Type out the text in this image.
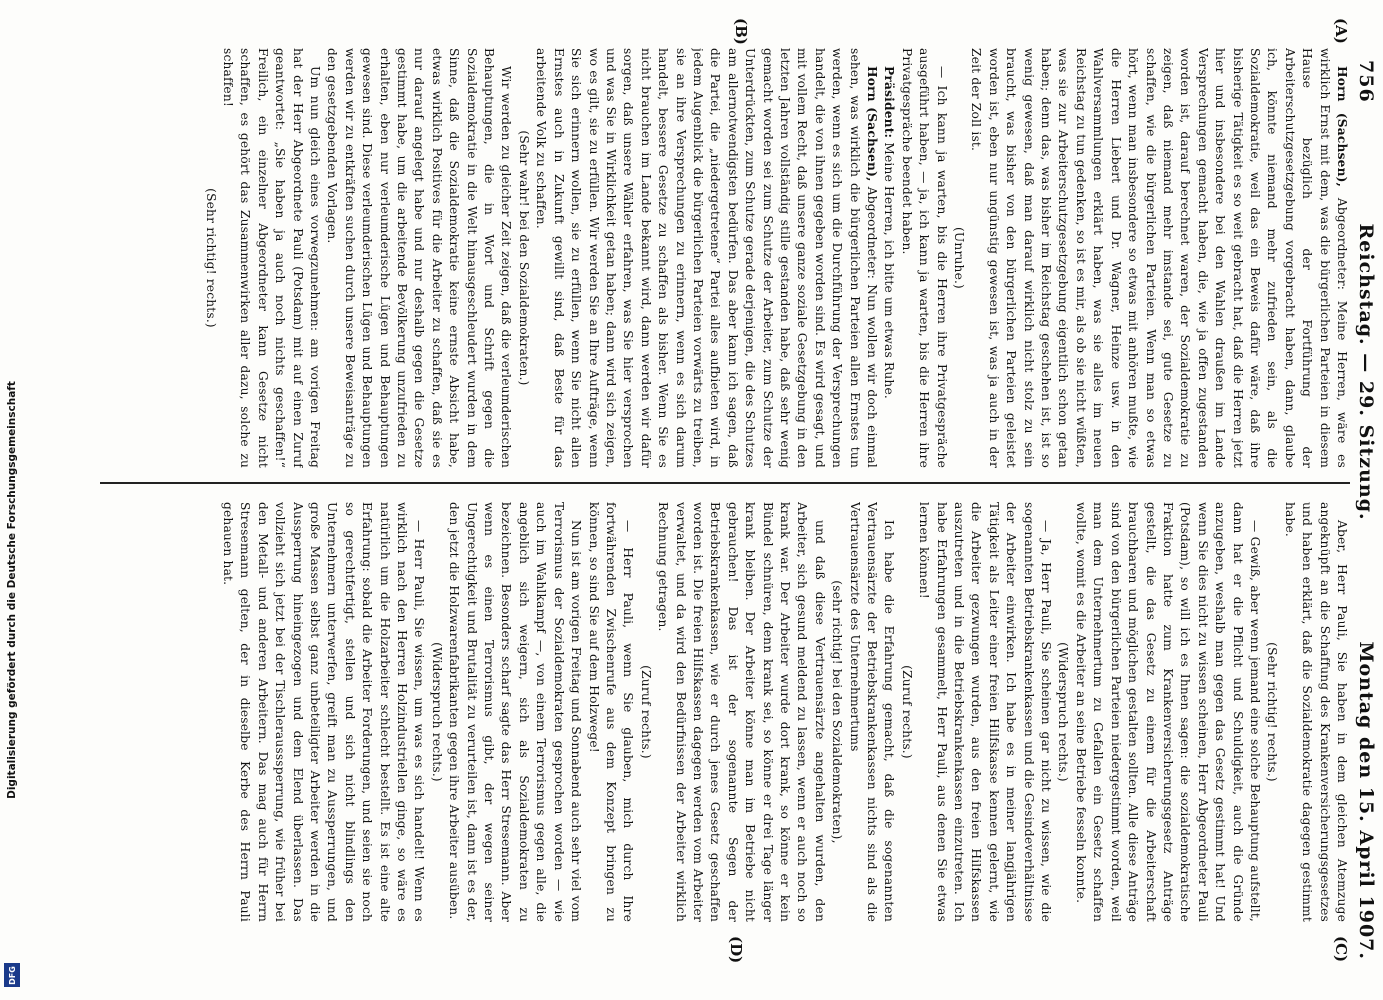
Digitalisierung gefördert durch die Deutsche Forschungsgemeinschaft
DFG
756
Reichstag. — 29. Sitzung.
Montag den 15. April 1907.

Horn (Sachsen), Abgeordneter: Meine Herren, wäre es wirklich Ernst mit dem, was die bürgerlichen Parteien in diesem Hause bezüglich der Fortführung der Arbeiterschutzgesetzgebung vorgebracht haben, dann, glaube ich, könnte niemand mehr zufrieden sein, als die Sozialdemokratie, weil das ein Beweis dafür wäre, daß ihre bisherige Tätigkeit es so weit gebracht hat, daß die Herren jetzt hier und insbesondere bei den Wahlen draußen im Lande Versprechungen gemacht haben, die, wie ja offen zugestanden worden ist, darauf berechnet waren, der Sozialdemokratie zu zeigen, daß niemand mehr imstande sei, gute Gesetze zu schaffen, wie die bürgerlichen Parteien. Wenn man so etwas hört, wenn man insbesondere so etwas mit anhören mußte, wie die Herren Liebert und Dr. Wagner, Heinze usw. in den Wahlversammlungen erklärt haben, was sie alles im neuen Reichstag zu tun gedenken, so ist es mir, als ob sie nicht wüßten, was sie zur Arbeiterschutzgesetzgebung eigentlich schon getan haben; denn das, was bisher im Reichstag geschehen ist, ist so wenig gewesen, daß man darauf wirklich nicht stolz zu sein braucht, was bisher von den bürgerlichen Parteien geleistet worden ist, eben nur ungünstig gewesen ist, was ja auch in der Zeit der Zoll ist.

(Unruhe.)

— Ich kann ja warten, bis die Herren ihre Privatgespräche ausgeführt haben, — ja, ich kann ja warten, bis die Herren ihre Privatgespräche beendet haben.

Präsident: Meine Herren, ich bitte um etwas Ruhe.

Horn (Sachsen), Abgeordneter: Nun wollen wir doch einmal sehen, was wirklich die bürgerlichen Parteien allen Ernstes tun werden, wenn es sich um die Durchführung der Versprechungen handelt, die von ihnen gegeben worden sind. Es wird gesagt, und mit vollem Recht, daß unsere ganze soziale Gesetzgebung in den letzten Jahren vollständig stille gestanden habe, daß sehr wenig gemacht worden sei zum Schutze der Arbeiter, zum Schutze der Unterdrückten, zum Schutze gerade derjenigen, die des Schutzes am allernotwendigsten bedürfen. Das aber kann ich sagen, daß die Partei, die „niedergetretene“ Partei alles aufbieten wird, in jedem Augenblick die bürgerlichen Parteien vorwärts zu treiben, sie an ihre Versprechungen zu erinnern, wenn es sich darum handelt, bessere Gesetze zu schaffen als bisher. Wenn Sie es nicht brauchen im Lande bekannt wird, dann werden wir dafür sorgen, daß unsere Wähler erfahren, was Sie hier versprochen und was Sie in Wirklichkeit getan haben; dann wird sich zeigen, wo es gilt, sie zu erfüllen. Wir werden Sie an Ihre Aufträge, wenn Sie sich erinnern wollen, sie zu erfüllen, wenn Sie nicht allen Ernstes auch in Zukunft gewillt sind, daß Beste für das arbeitende Volk zu schaffen.

(Sehr wahr! bei den Sozialdemokraten.)

Wir werden zu gleicher Zeit zeigen, daß die verleumderischen Behauptungen, die in Wort und Schrift gegen die Sozialdemokratie in die Welt hinausgeschleudert wurden in dem Sinne, daß die Sozialdemokratie keine ernste Absicht habe, etwas wirklich Positives für die Arbeiter zu schaffen, daß sie es nur darauf angelegt habe und nur deshalb gegen die Gesetze gestimmt habe, um die arbeitende Bevölkerung unzufrieden zu erhalten, eben nur verleumderische Lügen und Behauptungen gewesen sind. Diese verleumderischen Lügen und Behauptungen werden wir zu entkräften suchen durch unsere Beweisanträge zu den gesetzgebenden Vorlagen.

Um nun gleich eines vorwegzunehmen: am vorigen Freitag hat der Herr Abgeordnete Pauli (Potsdam) mit auf einen Zuruf geantwortet: „Sie haben ja auch noch nichts geschaffen!“ Freilich, ein einzelner Abgeordneter kann Gesetze nicht schaffen, es gehört das Zusammenwirken aller dazu, solche zu schaffen!

(Sehr richtig! rechts.)

Aber, Herr Pauli, Sie haben in dem gleichen Atemzuge angeknüpft an die Schaffung des Krankenversicherungsgesetzes und haben erklärt, daß die Sozialdemokratie dagegen gestimmt habe.

(Sehr richtig! rechts.)

— Gewiß, aber wenn jemand eine solche Behauptung aufstellt, dann hat er die Pflicht und Schuldigkeit, auch die Gründe anzugeben, weshalb man gegen das Gesetz gestimmt hat! Und wenn Sie dies nicht zu wissen scheinen, Herr Abgeordneter Pauli (Potsdam), so will ich es Ihnen sagen: die sozialdemokratische Fraktion hatte zum Krankenversicherungsgesetz Anträge gestellt, die das Gesetz zu einem für die Arbeiterschaft brauchbaren und möglichen gestalten sollten. Alle diese Anträge sind von den bürgerlichen Parteien niedergestimmt worden, weil man dem Unternehmertum zu Gefallen ein Gesetz schaffen wollte, womit es die Arbeiter an seine Betriebe fesseln konnte.

(Widerspruch rechts.)

— Ja, Herr Pauli, Sie scheinen gar nicht zu wissen, wie die sogenannten Betriebskrankenkassen und die Gesindeverhältnisse der Arbeiter einwirken. Ich habe es in meiner langjährigen Tätigkeit als Leiter einer freien Hilfskasse kennen gelernt, wie die Arbeiter gezwungen wurden, aus den freien Hilfskassen auszutreten und in die Betriebskrankenkassen einzutreten. Ich habe Erfahrungen gesammelt, Herr Pauli, aus denen Sie etwas lernen können!

(Zuruf rechts.)

Ich habe die Erfahrung gemacht, daß die sogenannten Vertrauensärzte der Betriebskrankenkassen nichts sind als die Vertrauensärzte des Unternehmertums

(sehr richtig! bei den Sozialdemokraten),

und daß diese Vertrauensärzte angehalten wurden, den Arbeiter, sich gesund meldend zu lassen, wenn er auch noch so krank war. Der Arbeiter wurde dort krank, so könne er kein Bündel schnüren, denn krank sei, so könne er drei Tage länger krank bleiben. Der Arbeiter könne man im Betriebe nicht gebrauchen! Das ist der sogenannte Segen der Betriebskrankenkassen, wie er durch jenes Gesetz geschaffen worden ist. Die freien Hilfskassen dagegen werden vom Arbeiter verwaltet, und da wird den Bedürfnissen der Arbeiter wirklich Rechnung getragen.

(Zuruf rechts.)

— Herr Pauli, wenn Sie glauben, mich durch Ihre fortwährenden Zwischenrufe aus dem Konzept bringen zu können, so sind Sie auf dem Holzwege!

Nun ist am vorigen Freitag und Sonnabend auch sehr viel vom Terrorismus der Sozialdemokraten gesprochen worden — wie auch im Wahlkampf —, von einem Terrorismus gegen alle, die angeblich sich weigern, sich als Sozialdemokraten zu bezeichnen. Besonders scharf sagte das Herr Stresemann. Aber wenn es einen Terrorismus gibt, der wegen seiner Ungerechtigkeit und Brutalität zu verurteilen ist, dann ist es der, den jetzt die Holzwarenfabrikanten gegen ihre Arbeiter ausüben.

(Widerspruch rechts.)

— Herr Pauli, Sie wissen, um was es sich handelt! Wenn es wirklich nach den Herren Holzindustriellen ginge, so wäre es natürlich um die Holzarbeiter schlecht bestellt. Es ist eine alte Erfahrung: sobald die Arbeiter Forderungen, und seien sie noch so gerechtfertigt, stellen und sich nicht blindlings den Unternehmern unterwerfen, greift man zu Aussperrungen, und große Massen selbst ganz unbeteiligter Arbeiter werden in die Aussperrung hineingezogen und dem Elend überlassen. Das vollzieht sich jetzt bei der Tischlerausssperrung, wie früher bei den Metall- und anderen Arbeitern. Das mag auch für Herrn Stresemann gelten, der in dieselbe Kerbe des Herrn Pauli gehauen hat.

(A)
(B)
(C)
(D)
